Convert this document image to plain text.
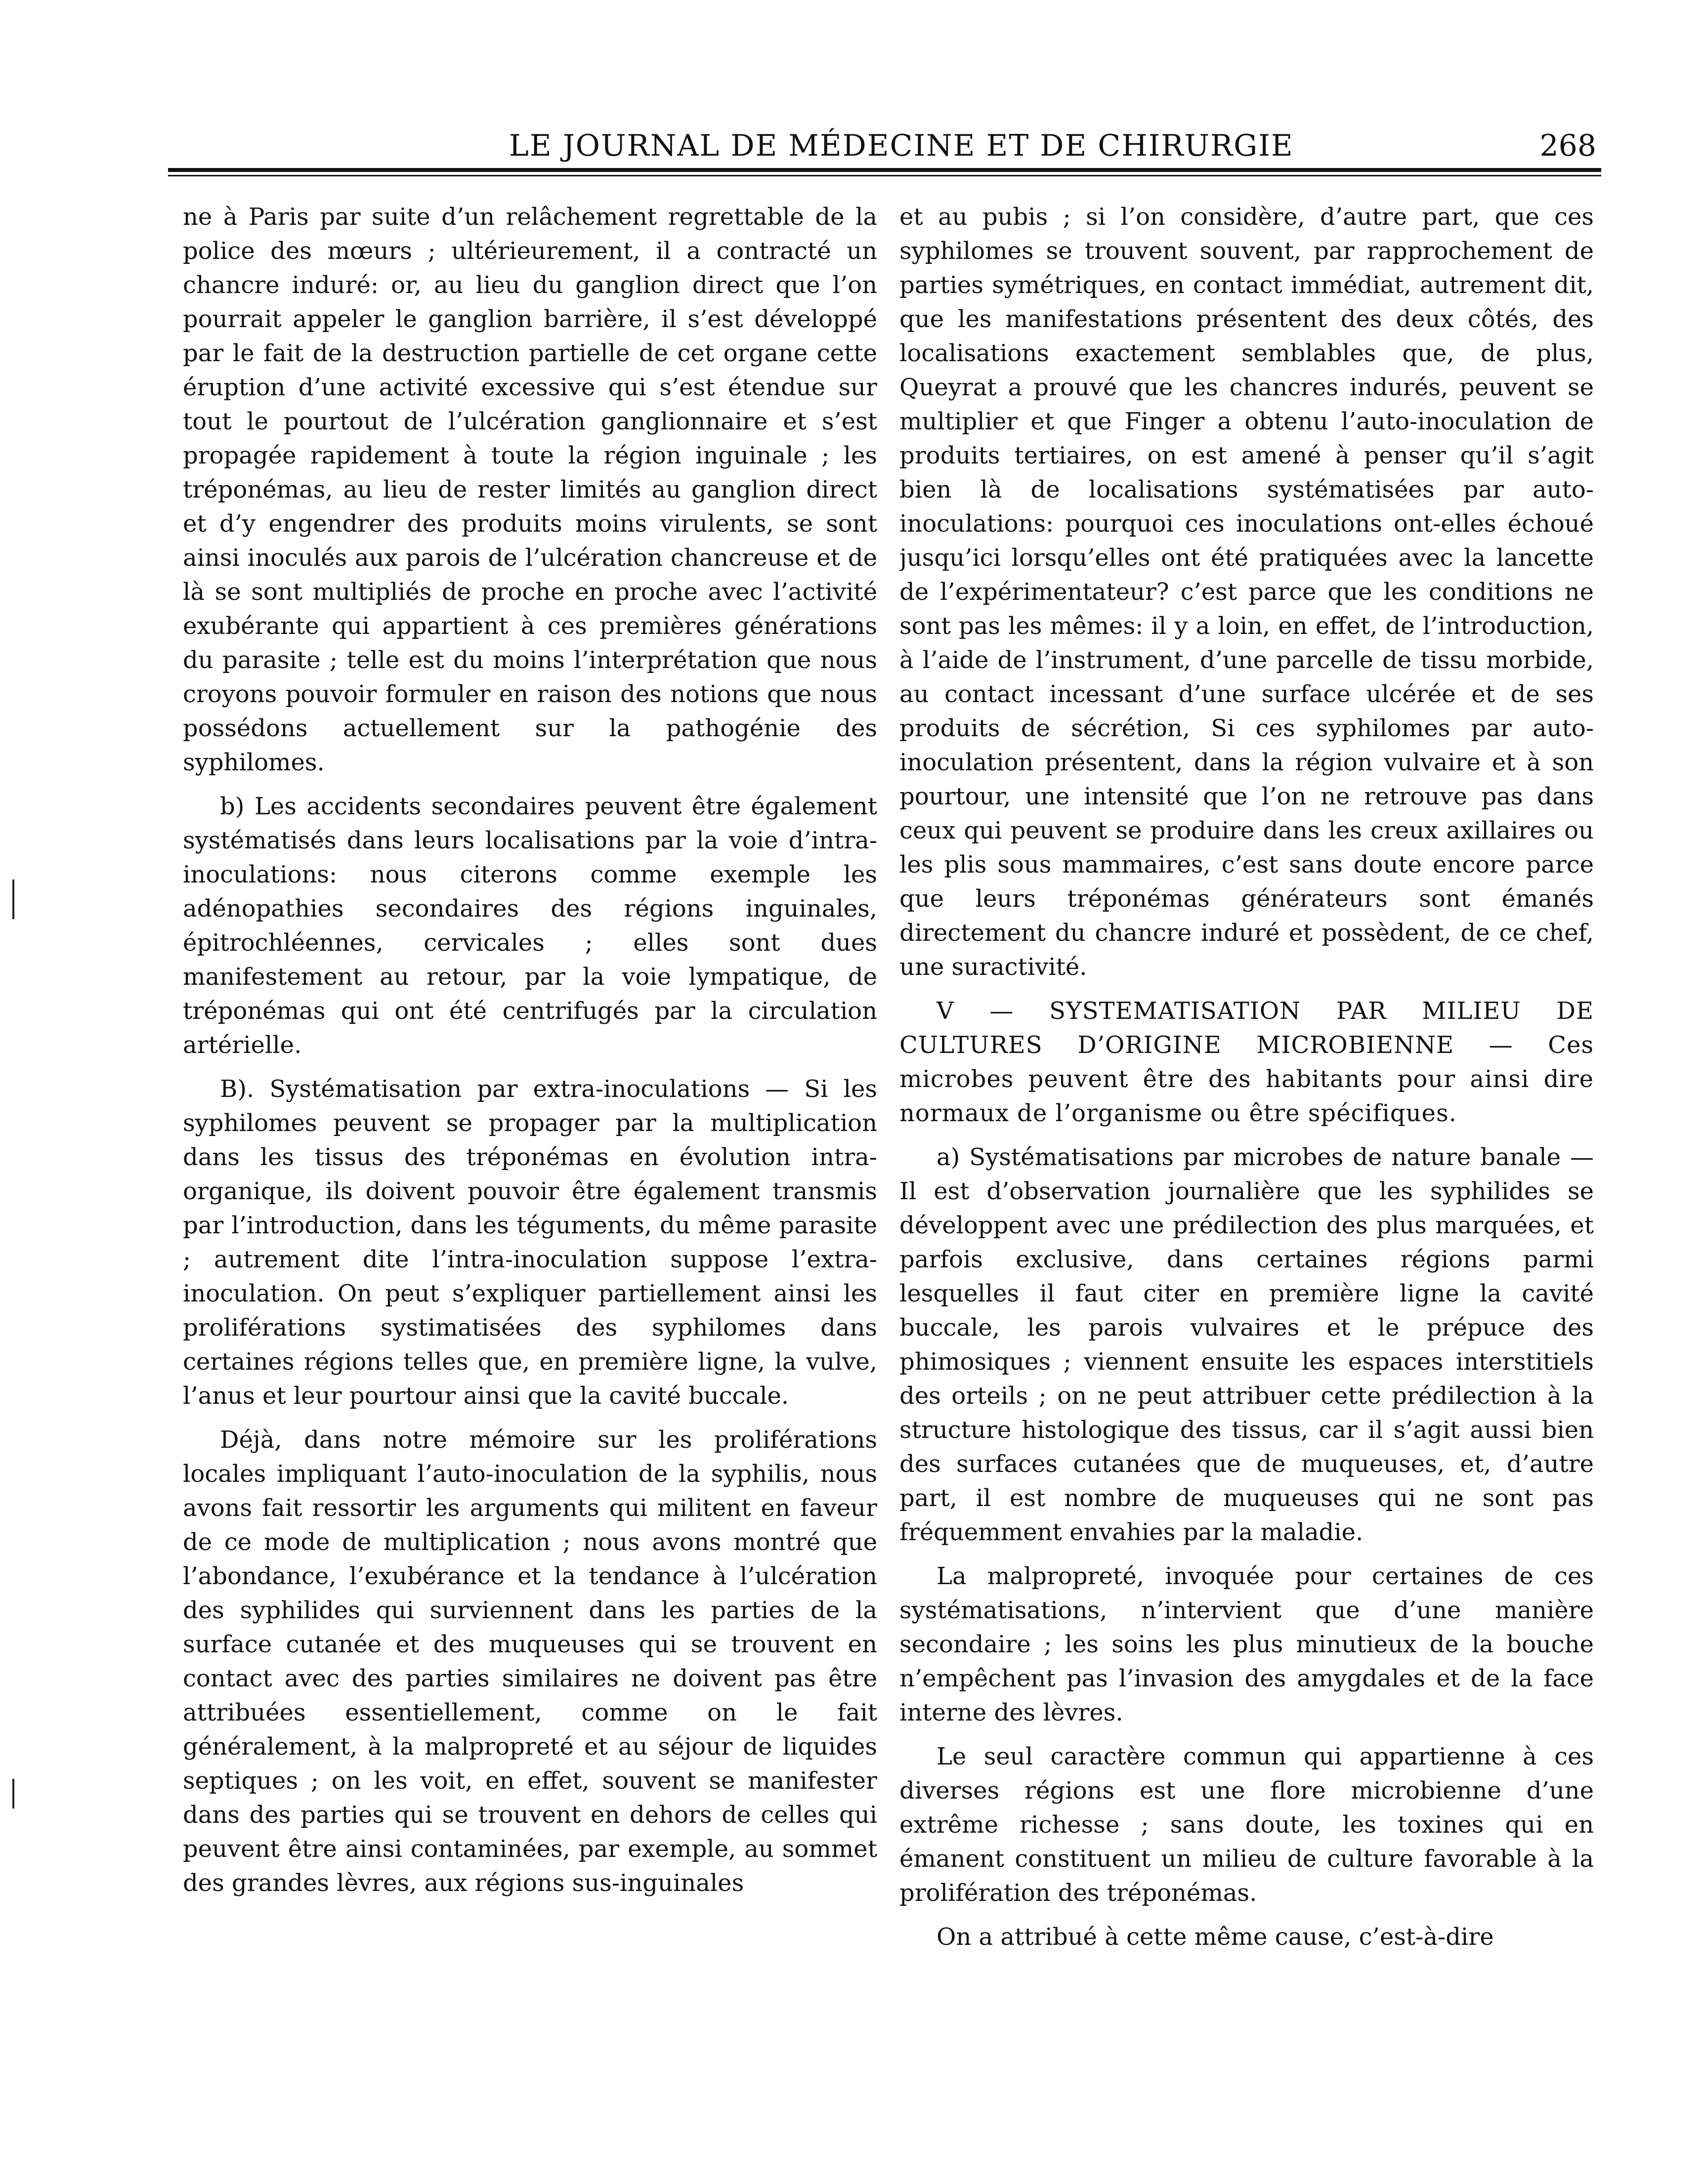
LE JOURNAL DE MÉDECINE ET DE CHIRURGIE	268

ne à Paris par suite d’un relâchement regrettable de la police des mœurs ; ultérieurement, il a contracté un chancre induré: or, au lieu du ganglion direct que l’on pourrait appeler le ganglion barrière, il s’est développé par le fait de la destruction partielle de cet organe cette éruption d’une activité excessive qui s’est étendue sur tout le pourtout de l’ulcération ganglionnaire et s’est propagée rapidement à toute la région inguinale ; les tréponémas, au lieu de rester limités au ganglion direct et d’y engendrer des produits moins virulents, se sont ainsi inoculés aux parois de l’ulcération chancreuse et de là se sont multipliés de proche en proche avec l’activité exubérante qui appartient à ces premières générations du parasite ; telle est du moins l’interprétation que nous croyons pouvoir formuler en raison des notions que nous possédons actuellement sur la pathogénie des syphilomes.

b) Les accidents secondaires peuvent être également systématisés dans leurs localisations par la voie d’intra-inoculations: nous citerons comme exemple les adénopathies secondaires des régions inguinales, épitrochléennes, cervicales ; elles sont dues manifestement au retour, par la voie lympatique, de tréponémas qui ont été centrifugés par la circulation artérielle.

B). Systématisation par extra-inoculations — Si les syphilomes peuvent se propager par la multiplication dans les tissus des tréponémas en évolution intra-organique, ils doivent pouvoir être également transmis par l’introduction, dans les téguments, du même parasite ; autrement dite l’intra-inoculation suppose l’extra-inoculation. On peut s’expliquer partiellement ainsi les proliférations systimatisées des syphilomes dans certaines régions telles que, en première ligne, la vulve, l’anus et leur pourtour ainsi que la cavité buccale.

Déjà, dans notre mémoire sur les proliférations locales impliquant l’auto-inoculation de la syphilis, nous avons fait ressortir les arguments qui militent en faveur de ce mode de multiplication ; nous avons montré que l’abondance, l’exubérance et la tendance à l’ulcération des syphilides qui surviennent dans les parties de la surface cutanée et des muqueuses qui se trouvent en contact avec des parties similaires ne doivent pas être attribuées essentiellement, comme on le fait généralement, à la malpropreté et au séjour de liquides septiques ; on les voit, en effet, souvent se manifester dans des parties qui se trouvent en dehors de celles qui peuvent être ainsi contaminées, par exemple, au sommet des grandes lèvres, aux régions sus-inguinales

et au pubis ; si l’on considère, d’autre part, que ces syphilomes se trouvent souvent, par rapprochement de parties symétriques, en contact immédiat, autrement dit, que les manifestations présentent des deux côtés, des localisations exactement semblables que, de plus, Queyrat a prouvé que les chancres indurés, peuvent se multiplier et que Finger a obtenu l’auto-inoculation de produits tertiaires, on est amené à penser qu’il s’agit bien là de localisations systématisées par auto-inoculations: pourquoi ces inoculations ont-elles échoué jusqu’ici lorsqu’elles ont été pratiquées avec la lancette de l’expérimentateur? c’est parce que les conditions ne sont pas les mêmes: il y a loin, en effet, de l’introduction, à l’aide de l’instrument, d’une parcelle de tissu morbide, au contact incessant d’une surface ulcérée et de ses produits de sécrétion, Si ces syphilomes par auto-inoculation présentent, dans la région vulvaire et à son pourtour, une intensité que l’on ne retrouve pas dans ceux qui peuvent se produire dans les creux axillaires ou les plis sous mammaires, c’est sans doute encore parce que leurs tréponémas générateurs sont émanés directement du chancre induré et possèdent, de ce chef, une suractivité.

V — SYSTEMATISATION PAR MILIEU DE CULTURES D’ORIGINE MICROBIENNE — Ces microbes peuvent être des habitants pour ainsi dire normaux de l’organisme ou être spécifiques.

a) Systématisations par microbes de nature banale — Il est d’observation journalière que les syphilides se développent avec une prédilection des plus marquées, et parfois exclusive, dans certaines régions parmi lesquelles il faut citer en première ligne la cavité buccale, les parois vulvaires et le prépuce des phimosiques ; viennent ensuite les espaces interstitiels des orteils ; on ne peut attribuer cette prédilection à la structure histologique des tissus, car il s’agit aussi bien des surfaces cutanées que de muqueuses, et, d’autre part, il est nombre de muqueuses qui ne sont pas fréquemment envahies par la maladie.

La malpropreté, invoquée pour certaines de ces systématisations, n’intervient que d’une manière secondaire ; les soins les plus minutieux de la bouche n’empêchent pas l’invasion des amygdales et de la face interne des lèvres.

Le seul caractère commun qui appartienne à ces diverses régions est une flore microbienne d’une extrême richesse ; sans doute, les toxines qui en émanent constituent un milieu de culture favorable à la prolifération des tréponémas.

On a attribué à cette même cause, c’est-à-dire
